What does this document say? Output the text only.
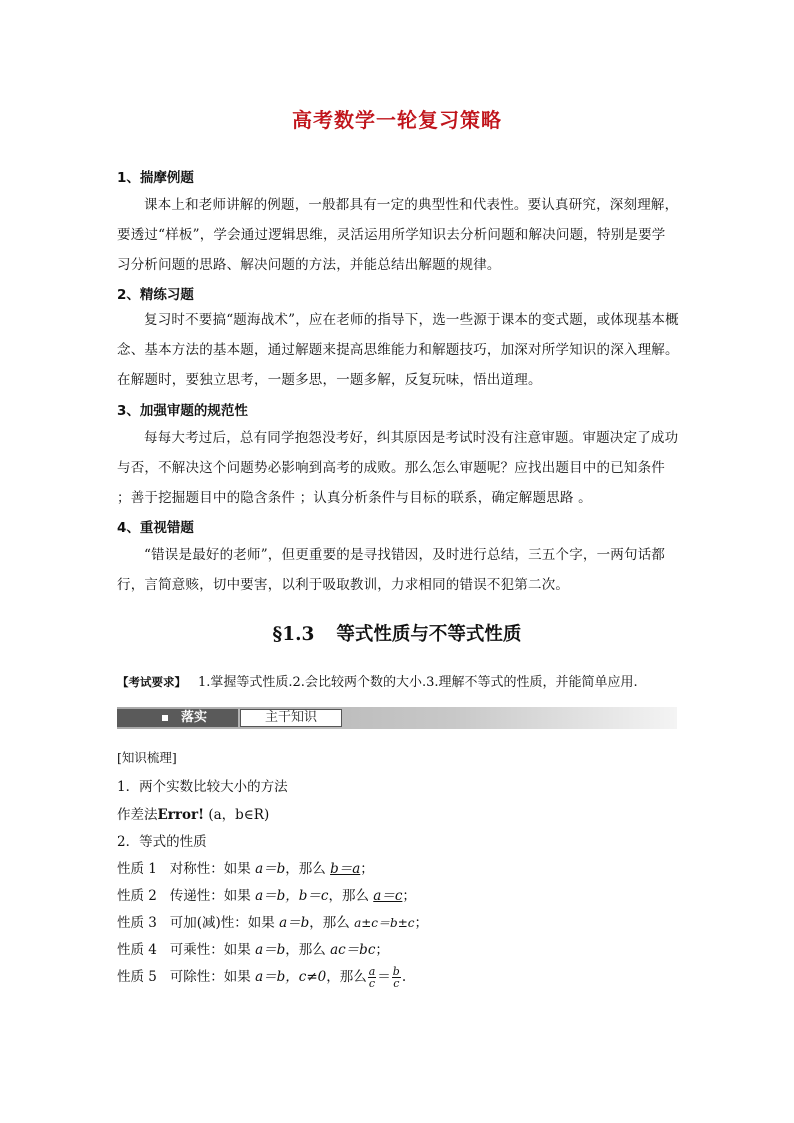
高考数学一轮复习策略
1、揣摩例题
课本上和老师讲解的例题，一般都具有一定的典型性和代表性。要认真研究，深刻理解，要透过“样板”，学会通过逻辑思维，灵活运用所学知识去分析问题和解决问题，特别是要学习分析问题的思路、解决问题的方法，并能总结出解题的规律。
2、精练习题
复习时不要搞“题海战术”，应在老师的指导下，选一些源于课本的变式题，或体现基本概念、基本方法的基本题，通过解题来提高思维能力和解题技巧，加深对所学知识的深入理解。在解题时，要独立思考，一题多思，一题多解，反复玩味，悟出道理。
3、加强审题的规范性
每每大考过后，总有同学抱怨没考好，纠其原因是考试时没有注意审题。审题决定了成功与否，不解决这个问题势必影响到高考的成败。那么怎么审题呢？应找出题目中的已知条件 ；善于挖掘题目中的隐含条件 ；认真分析条件与目标的联系，确定解题思路 。
4、重视错题
“错误是最好的老师”，但更重要的是寻找错因，及时进行总结，三五个字，一两句话都行，言简意赅，切中要害，以利于吸取教训，力求相同的错误不犯第二次。
§1.3 等式性质与不等式性质
【考试要求】 1.掌握等式性质.2.会比较两个数的大小.3.理解不等式的性质，并能简单应用.
落实	主干知识
[知识梳理]
1．两个实数比较大小的方法
作差法Error! (a，b∈R)
2．等式的性质
性质 1 对称性：如果 a＝b，那么 b＝a；
性质 2 传递性：如果 a＝b，b＝c，那么 a＝c；
性质 3 可加(减)性：如果 a＝b，那么 a±c＝b±c；
性质 4 可乘性：如果 a＝b，那么 ac＝bc；
性质 5 可除性：如果 a＝b，c≠0，那么 $\frac{a}{c} = \frac{b}{c}$ .
